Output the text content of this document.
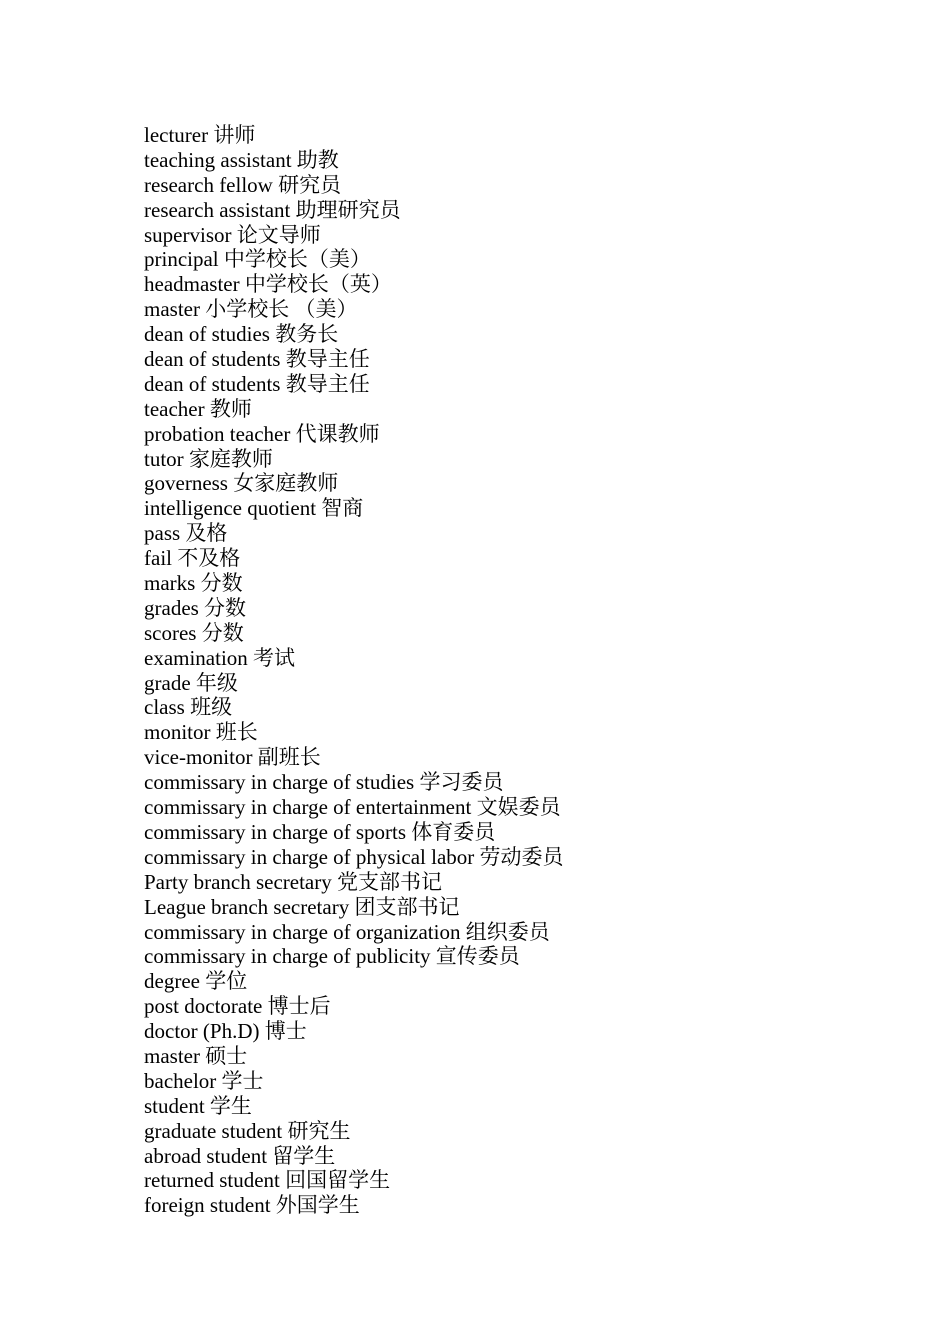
lecturer 讲师
teaching assistant 助教
research fellow 研究员
research assistant 助理研究员
supervisor 论文导师
principal 中学校长（美）
headmaster 中学校长（英）
master 小学校长 （美）
dean of studies 教务长
dean of students 教导主任
dean of students 教导主任
teacher 教师
probation teacher 代课教师
tutor 家庭教师
governess 女家庭教师
intelligence quotient 智商
pass 及格
fail 不及格
marks 分数
grades 分数
scores 分数
examination 考试
grade 年级
class 班级
monitor 班长
vice-monitor 副班长
commissary in charge of studies 学习委员
commissary in charge of entertainment 文娱委员
commissary in charge of sports 体育委员
commissary in charge of physical labor 劳动委员
Party branch secretary 党支部书记
League branch secretary 团支部书记
commissary in charge of organization 组织委员
commissary in charge of publicity 宣传委员
degree 学位
post doctorate 博士后
doctor (Ph.D) 博士
master 硕士
bachelor 学士
student 学生
graduate student 研究生
abroad student 留学生
returned student 回国留学生
foreign student 外国学生
